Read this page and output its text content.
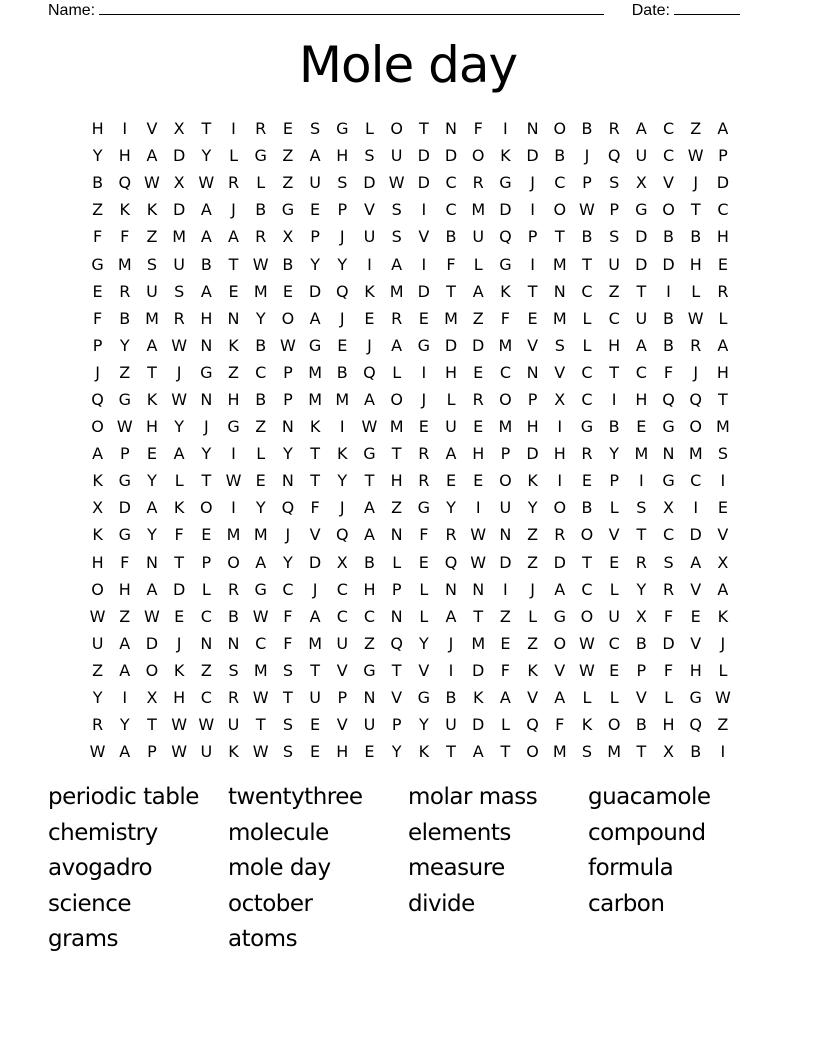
Name:	Date:
Mole day
H	I	V	X	T	I	R	E	S	G	L	O	T	N	F	I	N	O	B	R	A	C	Z	A
Y	H	A	D	Y	L	G	Z	A	H	S	U	D	D	O	K	D	B	J	Q	U	C	W	P
B	Q	W	X	W	R	L	Z	U	S	D	W	D	C	R	G	J	C	P	S	X	V	J	D
Z	K	K	D	A	J	B	G	E	P	V	S	I	C	M	D	I	O	W	P	G	O	T	C
F	F	Z	M	A	A	R	X	P	J	U	S	V	B	U	Q	P	T	B	S	D	B	B	H
G	M	S	U	B	T	W	B	Y	Y	I	A	I	F	L	G	I	M	T	U	D	D	H	E
E	R	U	S	A	E	M	E	D	Q	K	M	D	T	A	K	T	N	C	Z	T	I	L	R
F	B	M	R	H	N	Y	O	A	J	E	R	E	M	Z	F	E	M	L	C	U	B	W	L
P	Y	A	W	N	K	B	W	G	E	J	A	G	D	D	M	V	S	L	H	A	B	R	A
J	Z	T	J	G	Z	C	P	M	B	Q	L	I	H	E	C	N	V	C	T	C	F	J	H
Q	G	K	W	N	H	B	P	M	M	A	O	J	L	R	O	P	X	C	I	H	Q	Q	T
O	W	H	Y	J	G	Z	N	K	I	W	M	E	U	E	M	H	I	G	B	E	G	O	M
A	P	E	A	Y	I	L	Y	T	K	G	T	R	A	H	P	D	H	R	Y	M	N	M	S
K	G	Y	L	T	W	E	N	T	Y	T	H	R	E	E	O	K	I	E	P	I	G	C	I
X	D	A	K	O	I	Y	Q	F	J	A	Z	G	Y	I	U	Y	O	B	L	S	X	I	E
K	G	Y	F	E	M	M	J	V	Q	A	N	F	R	W	N	Z	R	O	V	T	C	D	V
H	F	N	T	P	O	A	Y	D	X	B	L	E	Q	W	D	Z	D	T	E	R	S	A	X
O	H	A	D	L	R	G	C	J	C	H	P	L	N	N	I	J	A	C	L	Y	R	V	A
W	Z	W	E	C	B	W	F	A	C	C	N	L	A	T	Z	L	G	O	U	X	F	E	K
U	A	D	J	N	N	C	F	M	U	Z	Q	Y	J	M	E	Z	O	W	C	B	D	V	J
Z	A	O	K	Z	S	M	S	T	V	G	T	V	I	D	F	K	V	W	E	P	F	H	L
Y	I	X	H	C	R	W	T	U	P	N	V	G	B	K	A	V	A	L	L	V	L	G	W
R	Y	T	W	W	U	T	S	E	V	U	P	Y	U	D	L	Q	F	K	O	B	H	Q	Z
W	A	P	W	U	K	W	S	E	H	E	Y	K	T	A	T	O	M	S	M	T	X	B	I
periodic table	twentythree	molar mass	guacamole
chemistry	molecule	elements	compound
avogadro	mole day	measure	formula
science	october	divide	carbon
grams	atoms
